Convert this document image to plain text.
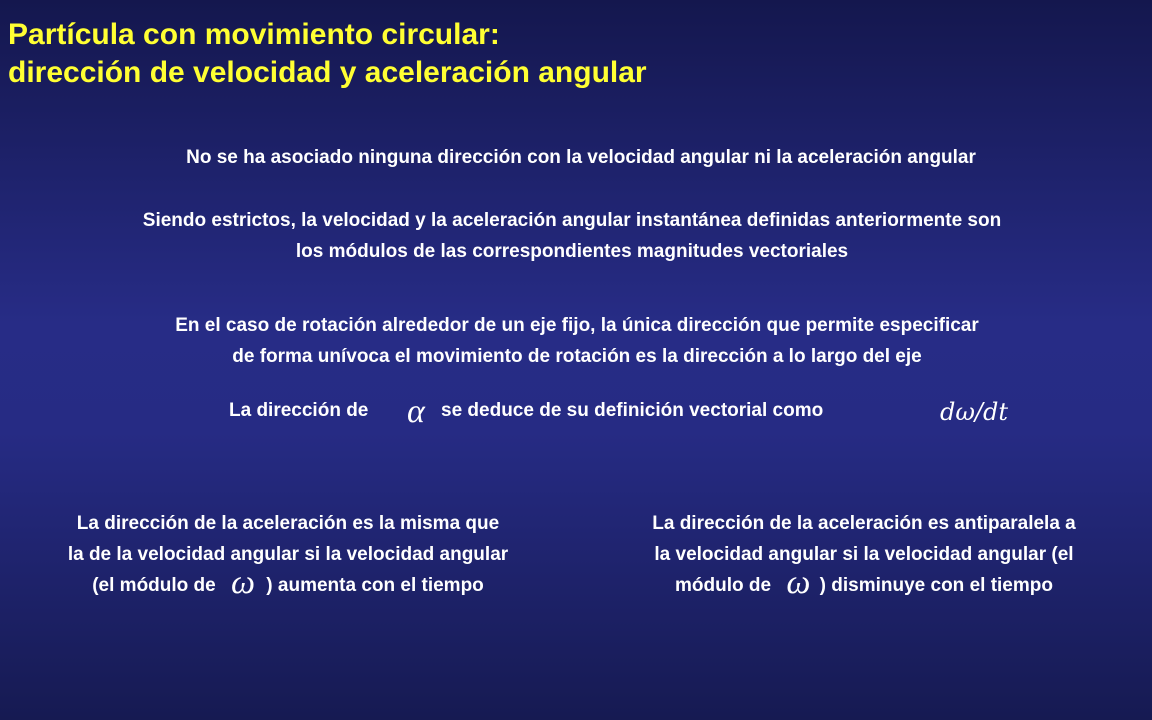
Partícula con movimiento circular:
dirección de velocidad y aceleración angular
No se ha asociado ninguna dirección con la velocidad angular ni la aceleración angular
Siendo estrictos, la velocidad y la aceleración angular instantánea definidas anteriormente son
los módulos de las correspondientes magnitudes vectoriales
En el caso de rotación alrededor de un eje fijo, la única dirección que permite especificar
de forma unívoca el movimiento de rotación es la dirección a lo largo del eje
La dirección de α se deduce de su definición vectorial como	dω/dt
La dirección de la aceleración es la misma que
la de la velocidad angular si la velocidad angular
(el módulo de ω ) aumenta con el tiempo
La dirección de la aceleración es antiparalela a
la velocidad angular si la velocidad angular (el
módulo de ω ) disminuye con el tiempo
